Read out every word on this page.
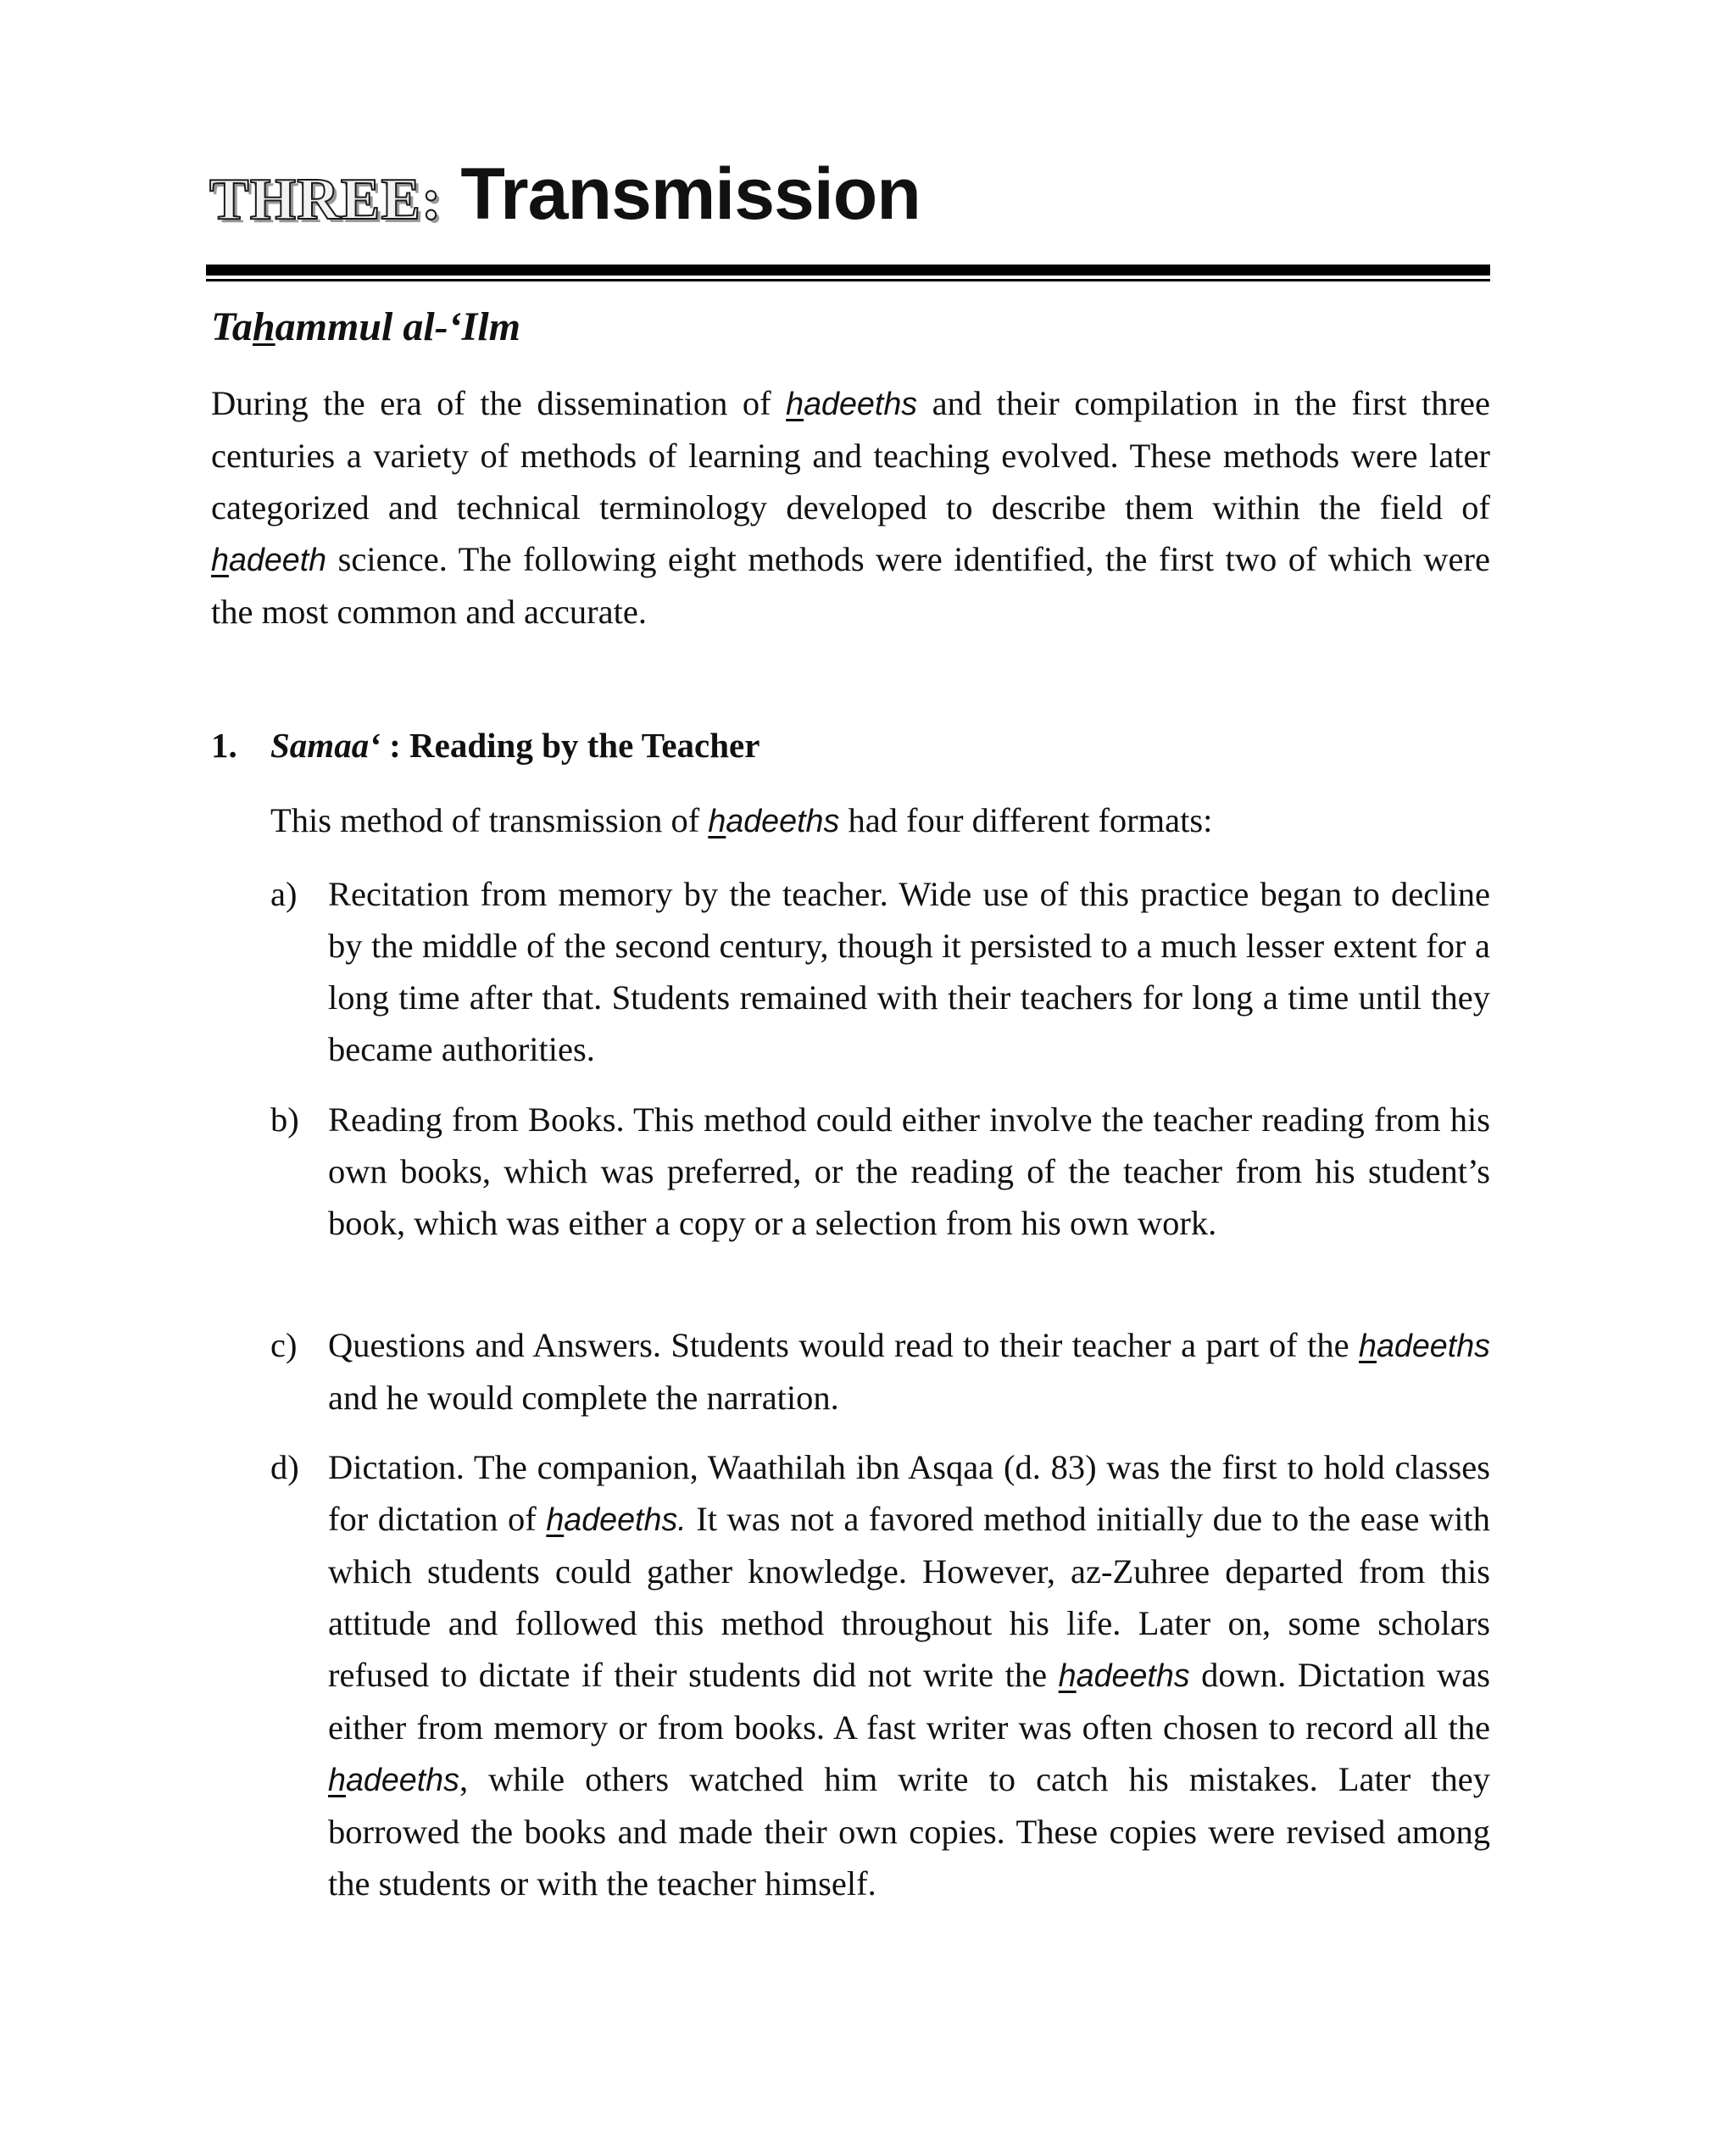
THREE: Transmission
Tahammul al-‘Ilm
During the era of the dissemination of hadeeths and their compilation in the first three centuries a variety of methods of learning and teaching evolved. These methods were later categorized and technical terminology developed to describe them within the field of hadeeth science. The following eight methods were identified, the first two of which were the most common and accurate.
1. Samaa‘ : Reading by the Teacher
This method of transmission of hadeeths had four different formats:
a) Recitation from memory by the teacher. Wide use of this practice began to decline by the middle of the second century, though it persisted to a much lesser extent for a long time after that. Students remained with their teachers for long a time until they became authorities.
b) Reading from Books. This method could either involve the teacher reading from his own books, which was preferred, or the reading of the teacher from his student’s book, which was either a copy or a selection from his own work.
c) Questions and Answers. Students would read to their teacher a part of the hadeeths and he would complete the narration.
d) Dictation. The companion, Waathilah ibn Asqaa (d. 83) was the first to hold classes for dictation of hadeeths. It was not a favored method initially due to the ease with which students could gather knowledge. However, az-Zuhree departed from this attitude and followed this method throughout his life. Later on, some scholars refused to dictate if their students did not write the hadeeths down. Dictation was either from memory or from books. A fast writer was often chosen to record all the hadeeths, while others watched him write to catch his mistakes. Later they borrowed the books and made their own copies. These copies were revised among the students or with the teacher himself.
